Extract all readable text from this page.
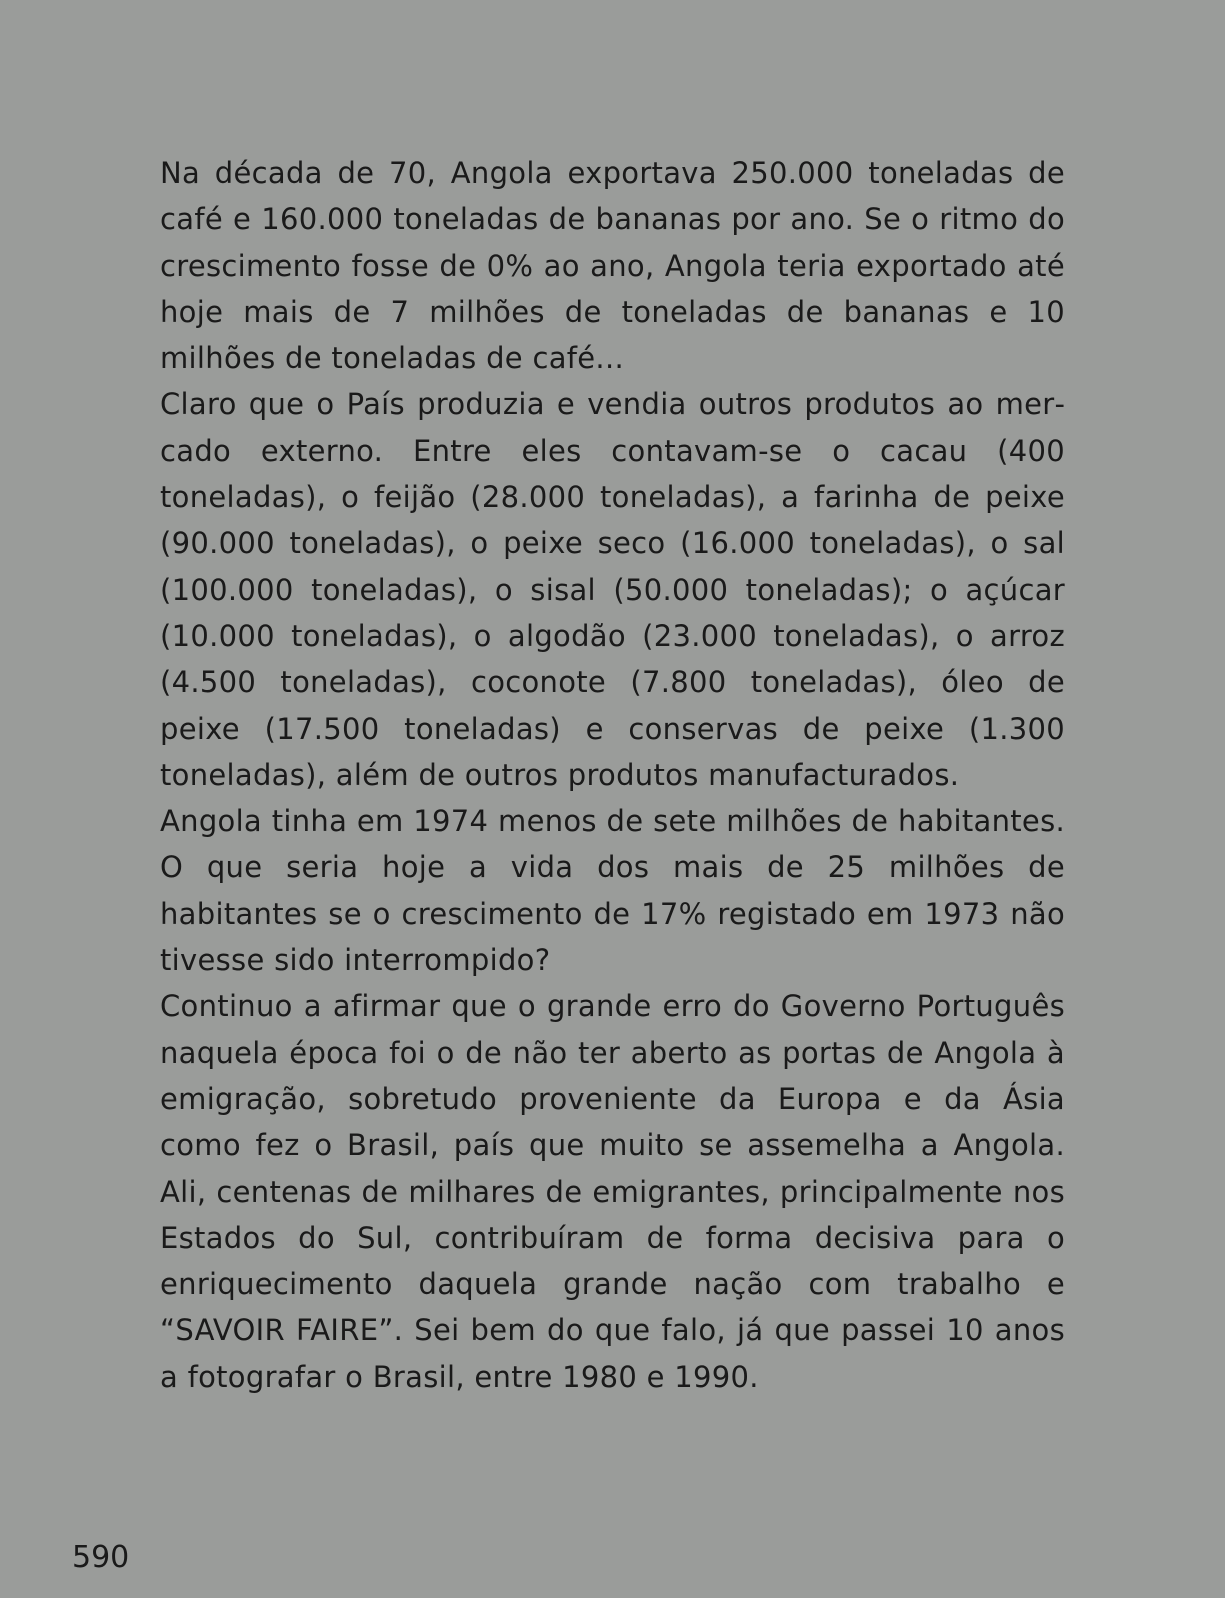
Na década de 70, Angola exportava 250.000 toneladas de café e 160.000 toneladas de bananas por ano. Se o ritmo do crescimento fosse de 0% ao ano, Angola teria exportado até hoje mais de 7 milhões de toneladas de bananas e 10 milhões de toneladas de café...

Claro que o País produzia e vendia outros produtos ao mercado externo. Entre eles contavam-se o cacau (400 toneladas), o feijão (28.000 toneladas), a farinha de peixe (90.000 toneladas), o peixe seco (16.000 toneladas), o sal (100.000 toneladas), o sisal (50.000 toneladas); o açúcar (10.000 toneladas), o algodão (23.000 toneladas), o arroz (4.500 toneladas), coconote (7.800 toneladas), óleo de peixe (17.500 toneladas) e conservas de peixe (1.300 toneladas), além de outros produtos manufacturados.

Angola tinha em 1974 menos de sete milhões de habitantes. O que seria hoje a vida dos mais de 25 milhões de habitantes se o crescimento de 17% registado em 1973 não tivesse sido interrompido?

Continuo a afirmar que o grande erro do Governo Português naquela época foi o de não ter aberto as portas de Angola à emigração, sobretudo proveniente da Europa e da Ásia como fez o Brasil, país que muito se assemelha a Angola. Ali, centenas de milhares de emigrantes, principalmente nos Estados do Sul, contribuíram de forma decisiva para o enriquecimento daquela grande nação com trabalho e “SAVOIR FAIRE”. Sei bem do que falo, já que passei 10 anos a fotografar o Brasil, entre 1980 e 1990.

590
